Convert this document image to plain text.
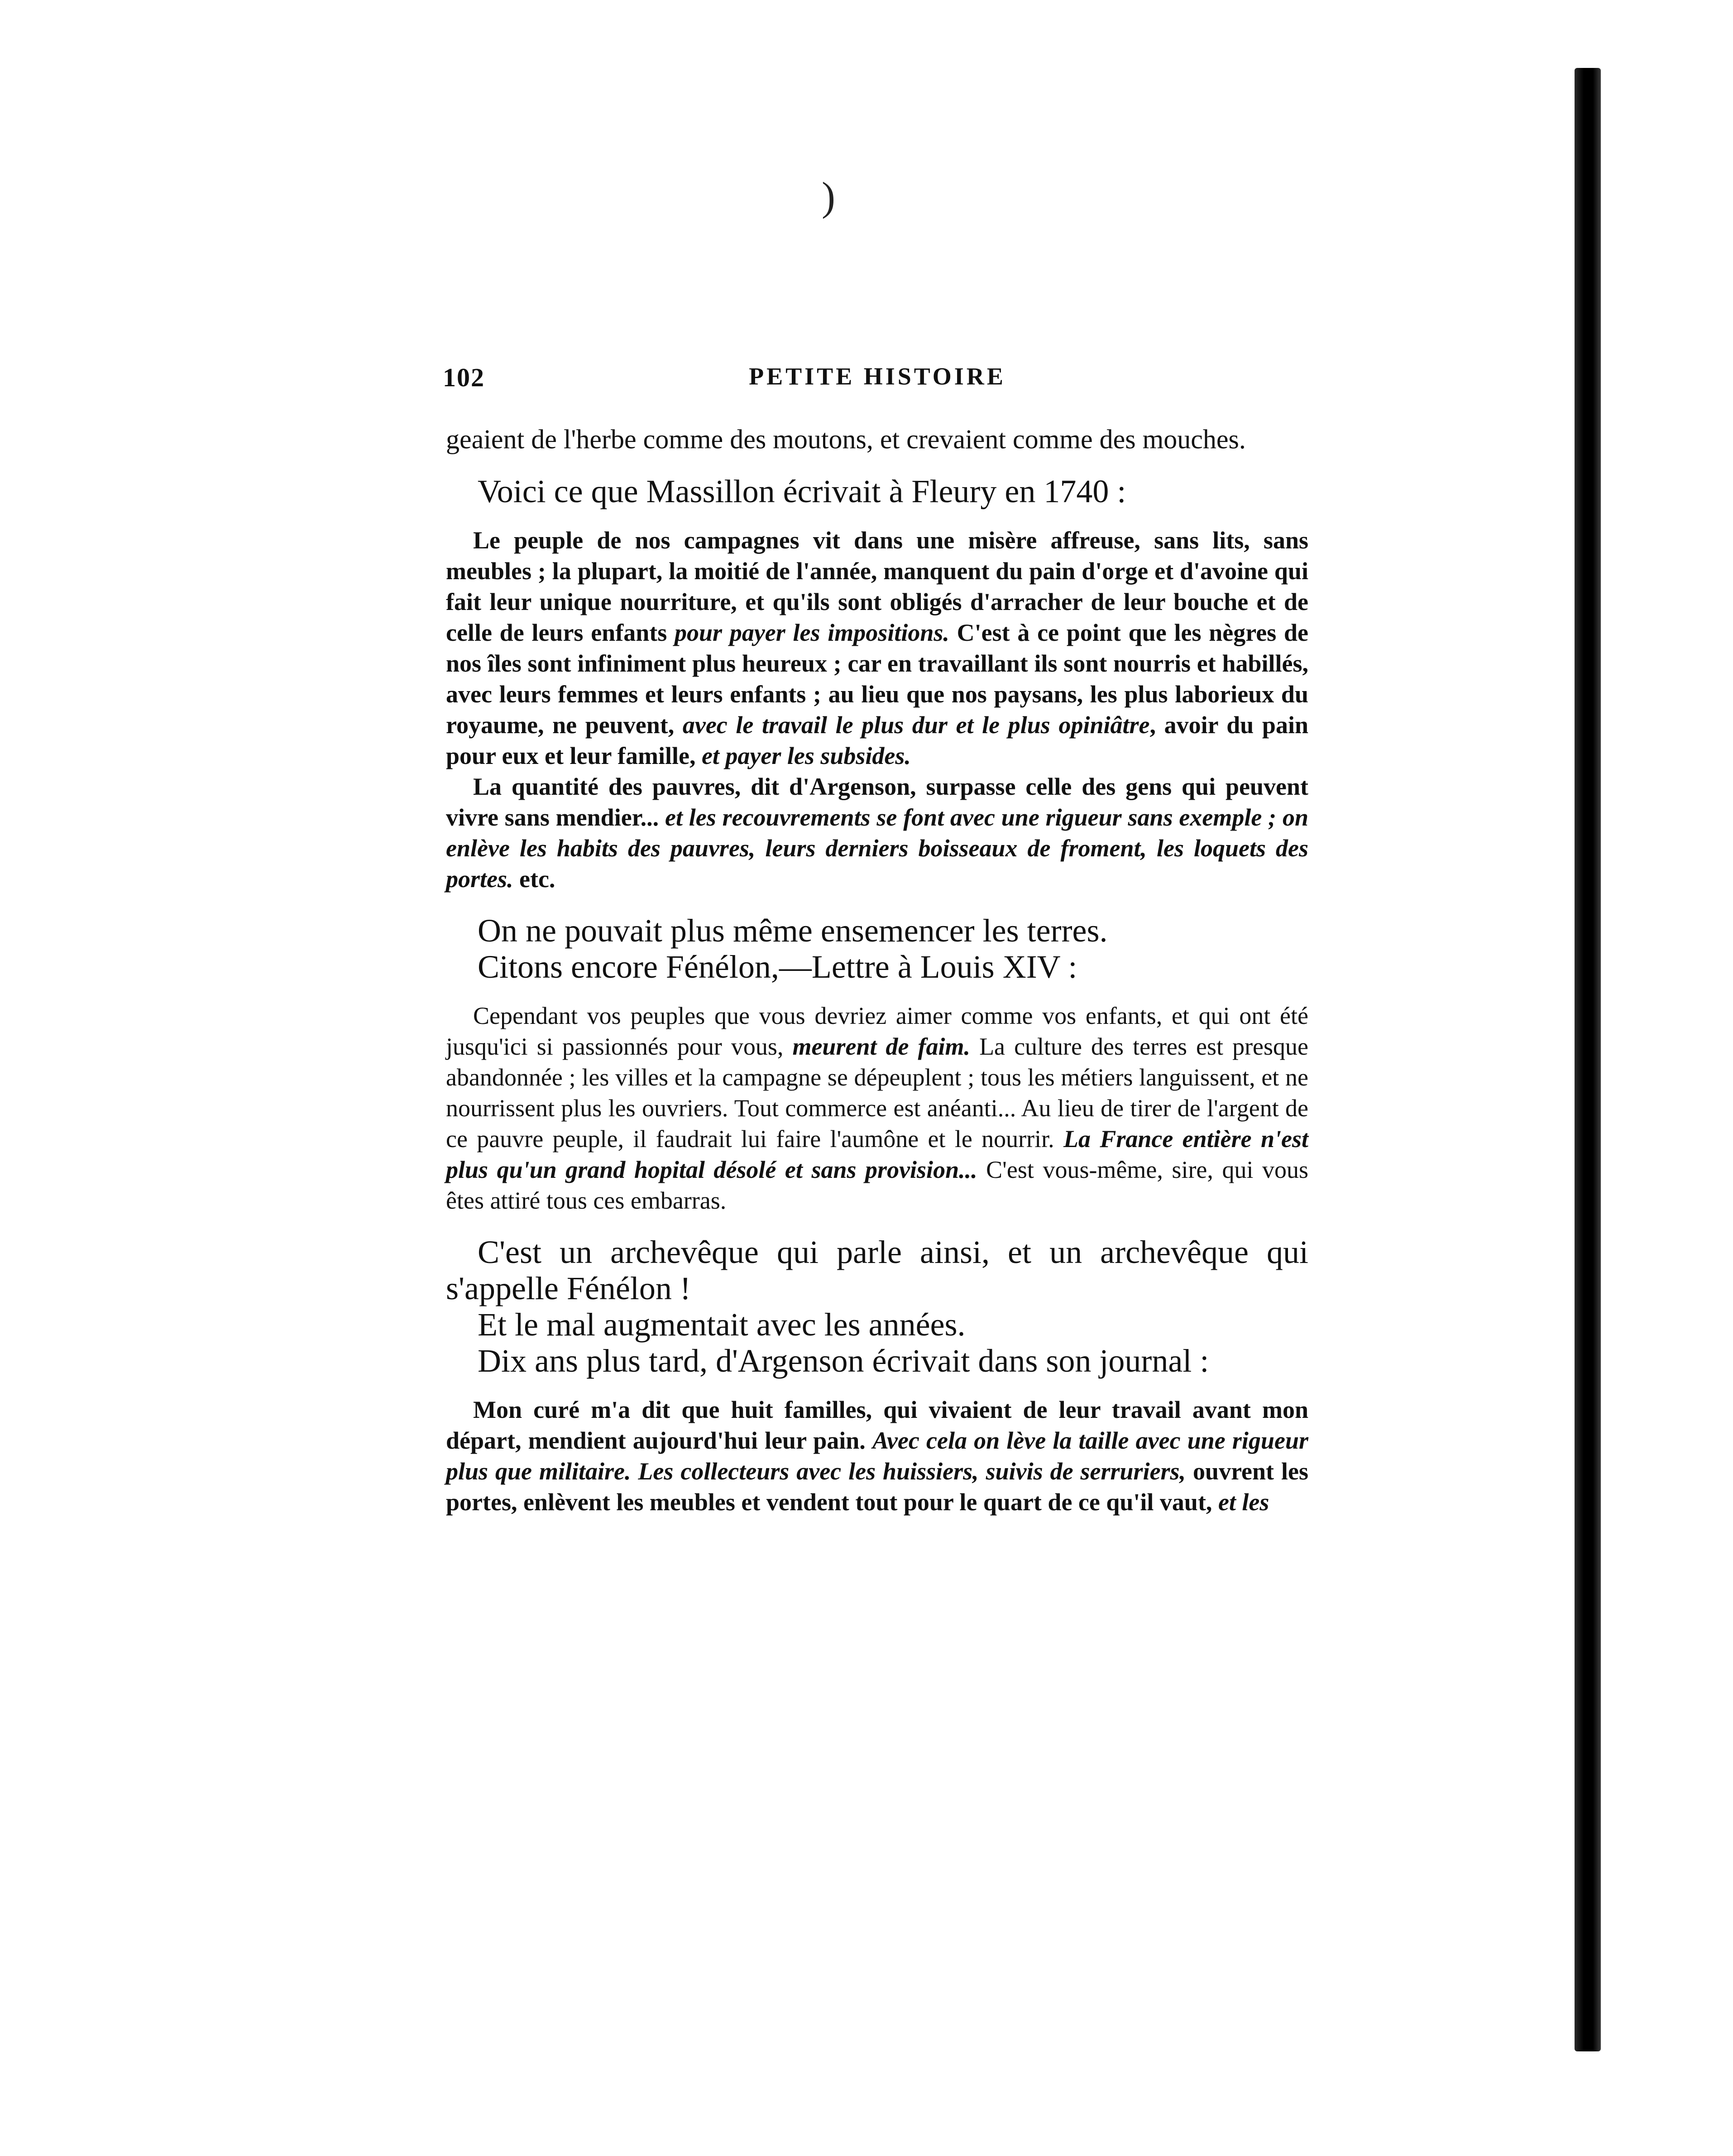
)
102	PETITE HISTOIRE

geaient de l'herbe comme des moutons, et crevaient comme des mouches.

Voici ce que Massillon écrivait à Fleury en 1740 :

Le peuple de nos campagnes vit dans une misère affreuse, sans lits, sans meubles ; la plupart, la moitié de l'année, manquent du pain d'orge et d'avoine qui fait leur unique nourriture, et qu'ils sont obligés d'arracher de leur bouche et de celle de leurs enfants pour payer les impositions. C'est à ce point que les nègres de nos îles sont infiniment plus heureux ; car en travaillant ils sont nourris et habillés, avec leurs femmes et leurs enfants ; au lieu que nos paysans, les plus laborieux du royaume, ne peuvent, avec le travail le plus dur et le plus opiniâtre, avoir du pain pour eux et leur famille, et payer les subsides.

La quantité des pauvres, dit d'Argenson, surpasse celle des gens qui peuvent vivre sans mendier... et les recouvrements se font avec une rigueur sans exemple ; on enlève les habits des pauvres, leurs derniers boisseaux de froment, les loquets des portes. etc.

On ne pouvait plus même ensemencer les terres.

Citons encore Fénélon,—Lettre à Louis XIV :

Cependant vos peuples que vous devriez aimer comme vos enfants, et qui ont été jusqu'ici si passionnés pour vous, meurent de faim. La culture des terres est presque abandonnée ; les villes et la campagne se dépeuplent ; tous les métiers languissent, et ne nourrissent plus les ouvriers. Tout commerce est anéanti... Au lieu de tirer de l'argent de ce pauvre peuple, il faudrait lui faire l'aumône et le nourrir. La France entière n'est plus qu'un grand hopital désolé et sans provision... C'est vous-même, sire, qui vous êtes attiré tous ces embarras.

C'est un archevêque qui parle ainsi, et un archevêque qui s'appelle Fénélon !

Et le mal augmentait avec les années.

Dix ans plus tard, d'Argenson écrivait dans son journal :

Mon curé m'a dit que huit familles, qui vivaient de leur travail avant mon départ, mendient aujourd'hui leur pain. Avec cela on lève la taille avec une rigueur plus que militaire. Les collecteurs avec les huissiers, suivis de serruriers, ouvrent les portes, enlèvent les meubles et vendent tout pour le quart de ce qu'il vaut, et les
